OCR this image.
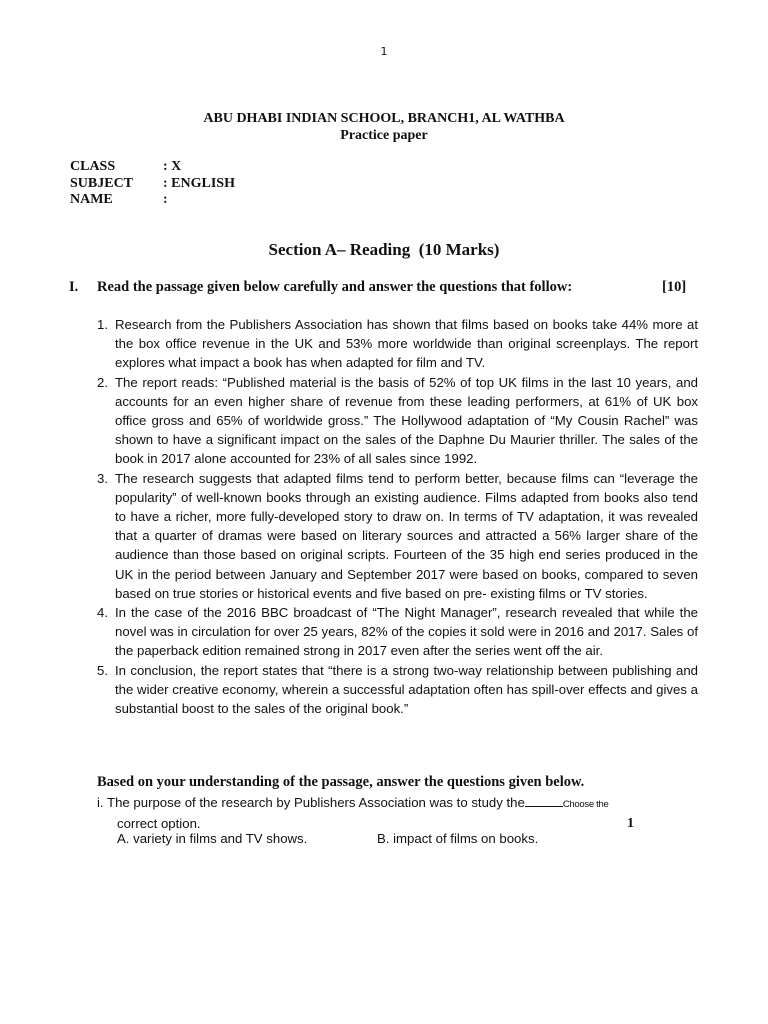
1
ABU DHABI INDIAN SCHOOL, BRANCH1, AL WATHBA
Practice paper
CLASS	: X
SUBJECT	: ENGLISH
NAME	:
Section A– Reading  (10 Marks)
I. Read the passage given below carefully and answer the questions that follow:	[10]
1. Research from the Publishers Association has shown that films based on books take 44% more at the box office revenue in the UK and 53% more worldwide than original screenplays. The report explores what impact a book has when adapted for film and TV.
2. The report reads: “Published material is the basis of 52% of top UK films in the last 10 years, and accounts for an even higher share of revenue from these leading performers, at 61% of UK box office gross and 65% of worldwide gross.” The Hollywood adaptation of “My Cousin Rachel” was shown to have a significant impact on the sales of the Daphne Du Maurier thriller. The sales of the book in 2017 alone accounted for 23% of all sales since 1992.
3. The research suggests that adapted films tend to perform better, because films can “leverage the popularity” of well-known books through an existing audience. Films adapted from books also tend to have a richer, more fully-developed story to draw on. In terms of TV adaptation, it was revealed that a quarter of dramas were based on literary sources and attracted a 56% larger share of the audience than those based on original scripts. Fourteen of the 35 high end series produced in the UK in the period between January and September 2017 were based on books, compared to seven based on true stories or historical events and five based on pre- existing films or TV stories.
4. In the case of the 2016 BBC broadcast of “The Night Manager”, research revealed that while the novel was in circulation for over 25 years, 82% of the copies it sold were in 2016 and 2017. Sales of the paperback edition remained strong in 2017 even after the series went off the air.
5. In conclusion, the report states that “there is a strong two-way relationship between publishing and the wider creative economy, wherein a successful adaptation often has spill-over effects and gives a substantial boost to the sales of the original book.”
Based on your understanding of the passage, answer the questions given below.
i. The purpose of the research by Publishers Association was to study the	Choose the
correct option.	1
A. variety in films and TV shows.	B. impact of films on books.
